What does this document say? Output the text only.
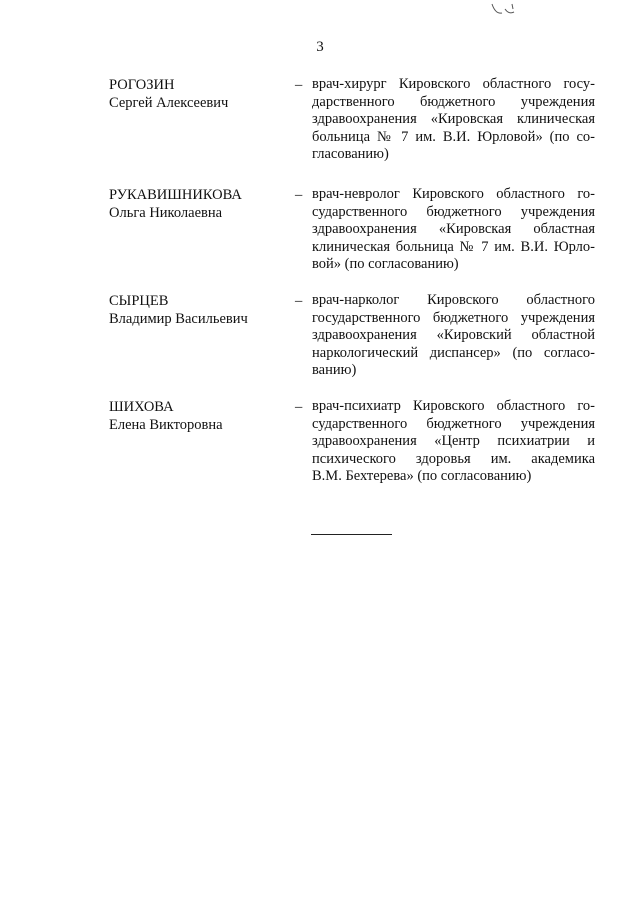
3
РОГОЗИН
Сергей Алексеевич
– врач-хирург Кировского областного госу-
дарственного бюджетного учреждения
здравоохранения «Кировская клиническая
больница № 7 им. В.И. Юрловой» (по со-
гласованию)
РУКАВИШНИКОВА
Ольга Николаевна
– врач-невролог Кировского областного го-
сударственного бюджетного учреждения
здравоохранения «Кировская областная
клиническая больница № 7 им. В.И. Юрло-
вой» (по согласованию)
СЫРЦЕВ
Владимир Васильевич
– врач-нарколог Кировского областного
государственного бюджетного учреждения
здравоохранения «Кировский областной
наркологический диспансер» (по согласо-
ванию)
ШИХОВА
Елена Викторовна
– врач-психиатр Кировского областного го-
сударственного бюджетного учреждения
здравоохранения «Центр психиатрии и
психического здоровья им. академика
В.М. Бехтерева» (по согласованию)
